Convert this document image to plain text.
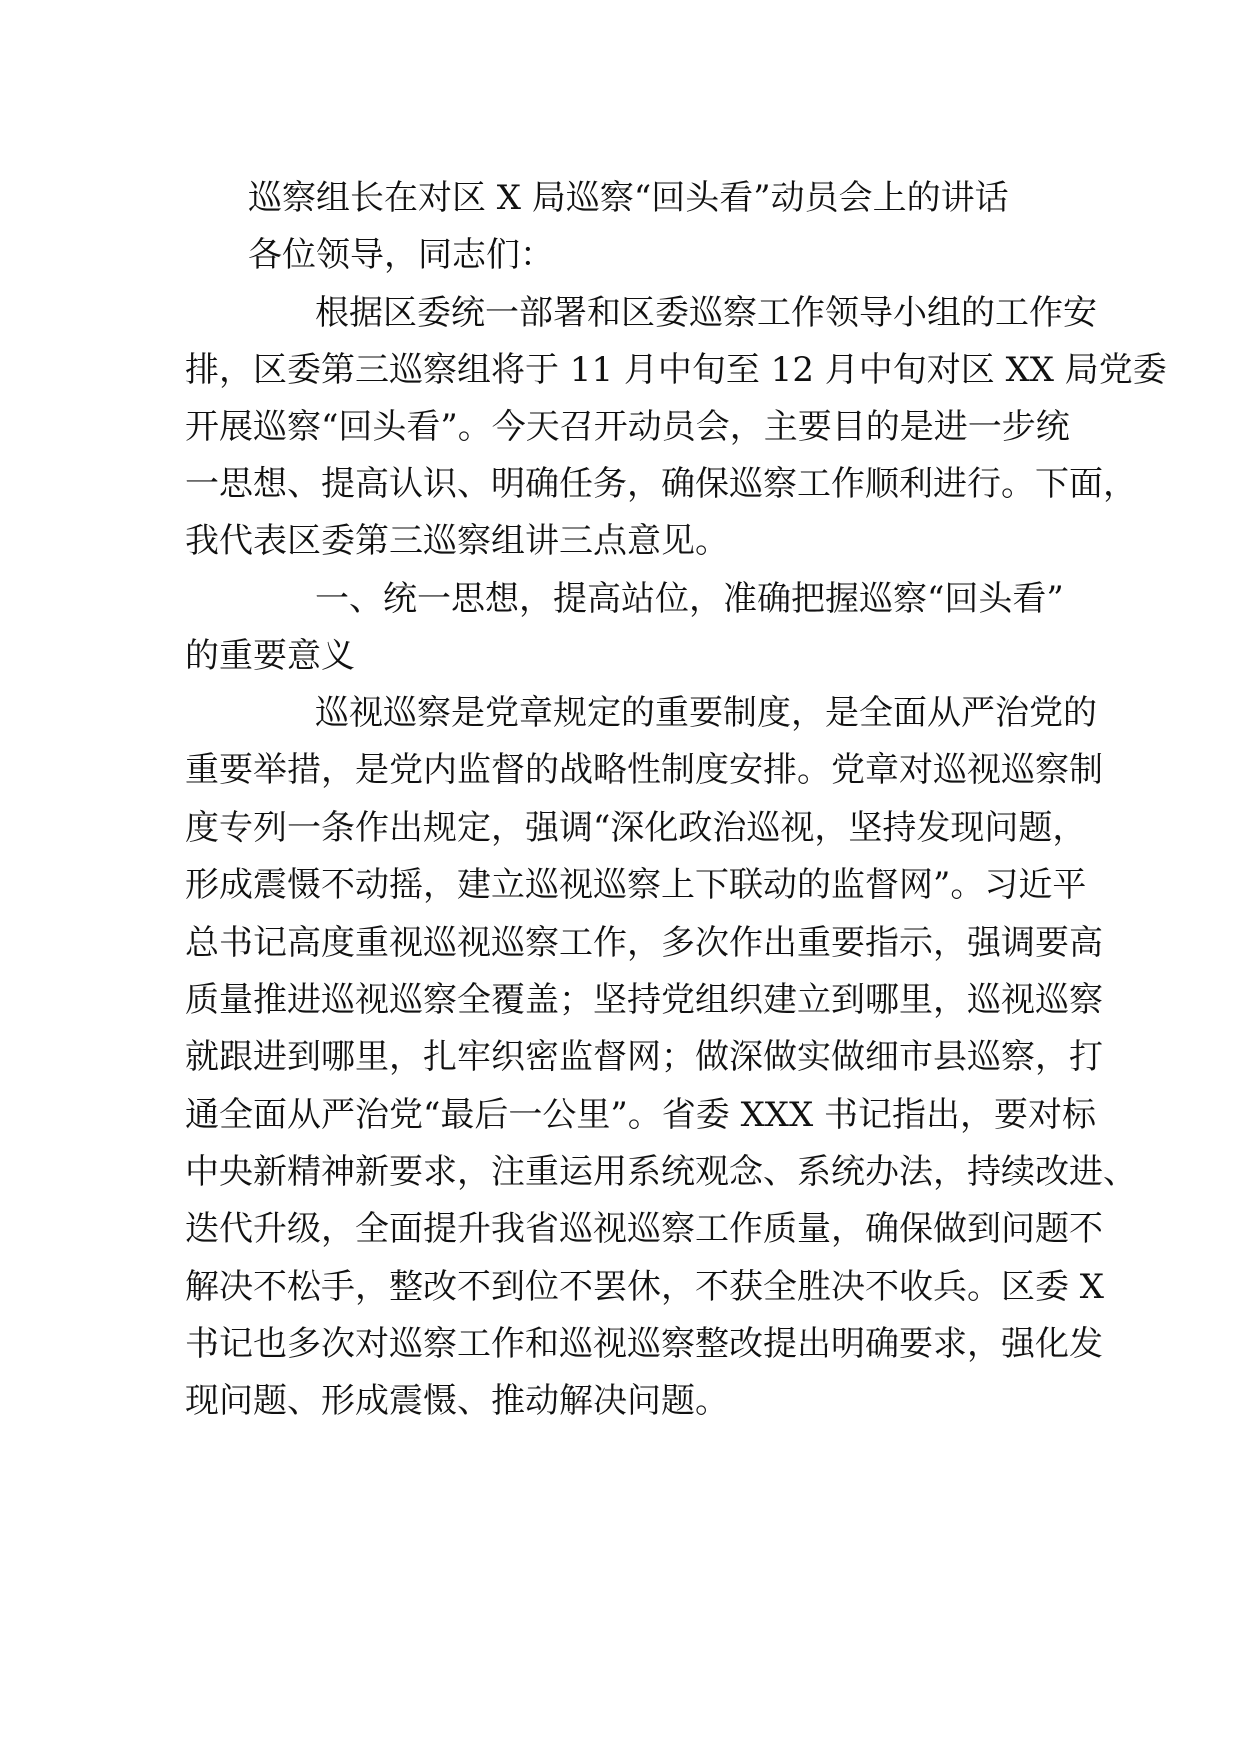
巡察组长在对区 X 局巡察“回头看”动员会上的讲话
各位领导，同志们：
根据区委统一部署和区委巡察工作领导小组的工作安
排，区委第三巡察组将于 11 月中旬至 12 月中旬对区 XX 局党委
开展巡察“回头看”。今天召开动员会，主要目的是进一步统
一思想、提高认识、明确任务，确保巡察工作顺利进行。下面，
我代表区委第三巡察组讲三点意见。
一、统一思想，提高站位，准确把握巡察“回头看”
的重要意义
巡视巡察是党章规定的重要制度，是全面从严治党的
重要举措，是党内监督的战略性制度安排。党章对巡视巡察制
度专列一条作出规定，强调“深化政治巡视，坚持发现问题，
形成震慑不动摇，建立巡视巡察上下联动的监督网”。习近平
总书记高度重视巡视巡察工作，多次作出重要指示，强调要高
质量推进巡视巡察全覆盖；坚持党组织建立到哪里，巡视巡察
就跟进到哪里，扎牢织密监督网；做深做实做细市县巡察，打
通全面从严治党“最后一公里”。省委 XXX 书记指出，要对标
中央新精神新要求，注重运用系统观念、系统办法，持续改进、
迭代升级，全面提升我省巡视巡察工作质量，确保做到问题不
解决不松手，整改不到位不罢休，不获全胜决不收兵。区委 X
书记也多次对巡察工作和巡视巡察整改提出明确要求，强化发
现问题、形成震慑、推动解决问题。
